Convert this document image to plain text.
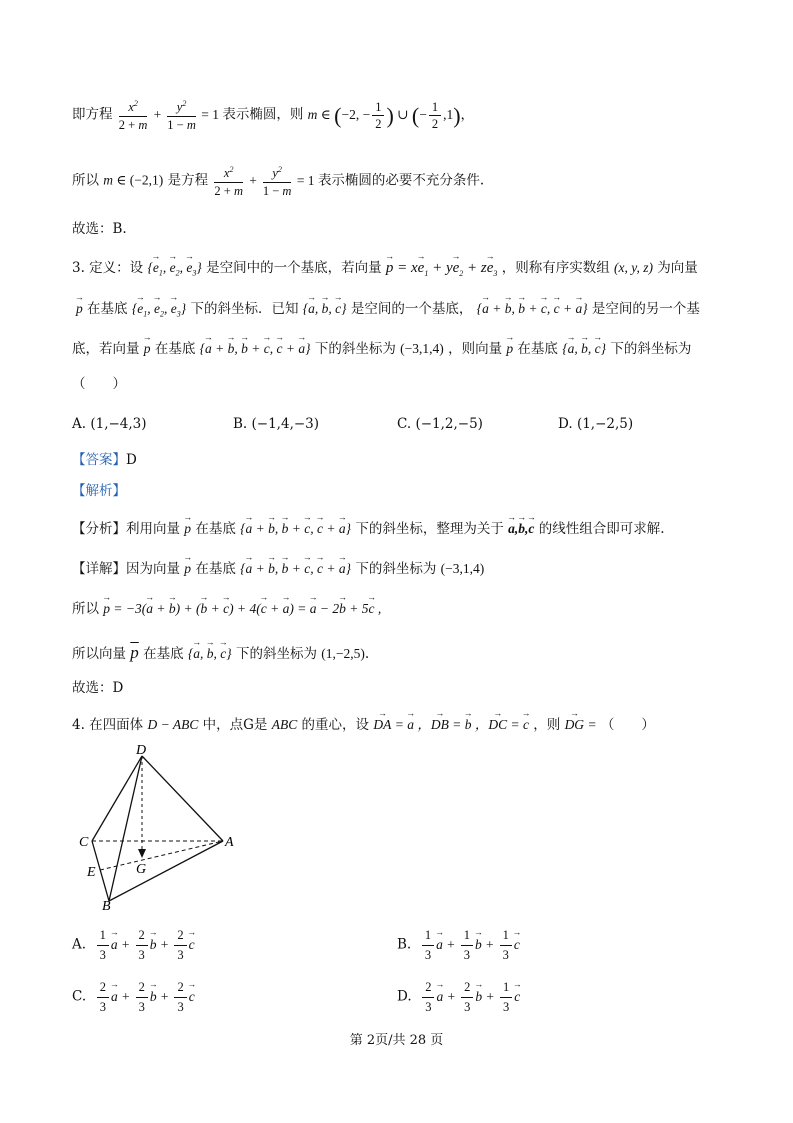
即方程 $\frac{x^2}{2 + m} + \frac{y^2}{1 - m} = 1$ 表示椭圆，则 m ∈ (−2, − $\frac{1}{2}$ ) ∪ (− $\frac{1}{2} ,1$)，
所以 m ∈ (−2,1) 是方程 $\frac{x^2}{2 + m} + \frac{y^2}{1 - m} = 1$ 表示椭圆的必要不充分条件.
故选：B.
3. 定义：设 {→ $e_1$, → $e_2$, → $e_3$} 是空间中的一个基底，若向量 → $p = x\to e_1 + y\to e_2 + z\to e_3$ ，则称有序实数组 (x, y, z) 为向量
→ p 在基底 {→ $e_1$, → $e_2$, → $e_3$} 下的斜坐标．已知 {→ a, → b, → c} 是空间的一个基底， {→ a + → b, → b + → c, → c + → a} 是空间的另一个基
底，若向量 → p 在基底 {→ a + → b, → b + → c, → c + → a} 下的斜坐标为 (−3,1,4) ，则向量 → p 在基底 {→ a, → b, → c} 下的斜坐标为
（　　）
A. (1,−4,3)	B. (−1,4,−3)	C. (−1,2,−5)	D. (1,−2,5)
【答案】D
【解析】
【分析】利用向量 → p 在基底 {→ a + → b, → b + → c, → c + → a} 下的斜坐标，整理为关于 → a,→ b,→ c 的线性组合即可求解.
【详解】因为向量 → p 在基底 {→ a + → b, → b + → c, → c + → a} 下的斜坐标为 (−3,1,4)
所以 → p = −3(→ a + → b) + (→ b + → c) + 4(→ c + → a) = → a − 2→ b + 5→ c ,
所以向量 $\overline{p}$ 在基底 {→ a, → b, → c} 下的斜坐标为 (1,−2,5).
故选：D
4. 在四面体 D − ABC 中，点G是 ABC 的重心，设 → DA = → a ，→ DB = → b ，→ DC = → c ，则 → DG = （　　）
D
C	A
E	G
B
A. $\frac{1}{3} \to a + \frac{2}{3} \to b + \frac{2}{3} \to c$	B. $\frac{1}{3} \to a + \frac{1}{3} \to b + \frac{1}{3} \to c$
C. $\frac{2}{3} \to a + \frac{2}{3} \to b + \frac{2}{3} \to c$	D. $\frac{2}{3} \to a + \frac{2}{3} \to b + \frac{1}{3} \to c$
第 2页/共 28 页
